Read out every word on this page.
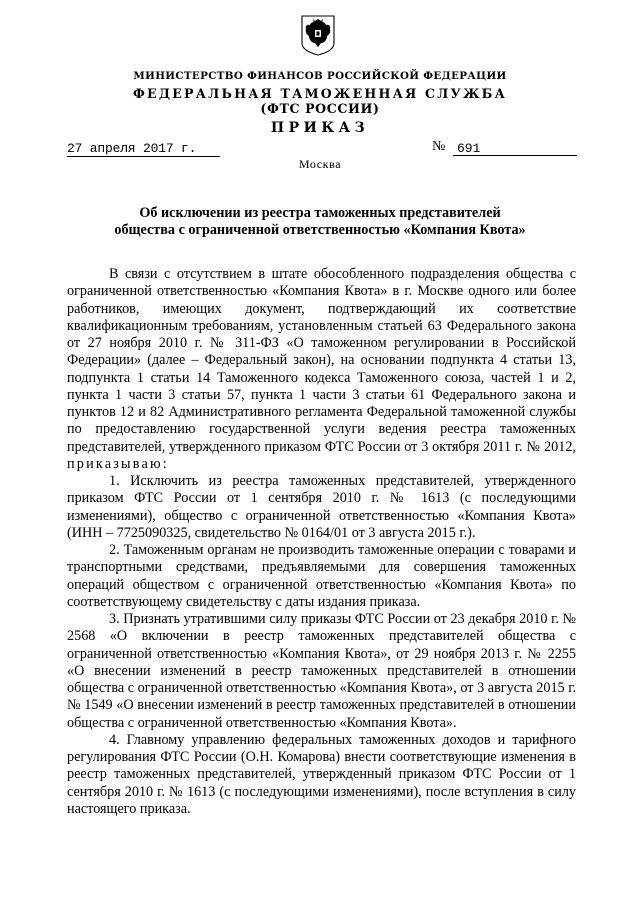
МИНИСТЕРСТВО ФИНАНСОВ РОССИЙСКОЙ ФЕДЕРАЦИИ
ФЕДЕРАЛЬНАЯ ТАМОЖЕННАЯ СЛУЖБА
(ФТС РОССИИ)
ПРИКАЗ
27 апреля 2017 г.	№ 691
Москва
Об исключении из реестра таможенных представителей
общества с ограниченной ответственностью «Компания Квота»

В связи с отсутствием в штате обособленного подразделения общества с ограниченной ответственностью «Компания Квота» в г. Москве одного или более работников, имеющих документ, подтверждающий их соответствие квалификационным требованиям, установленным статьей 63 Федерального закона от 27 ноября 2010 г. № 311-ФЗ «О таможенном регулировании в Российской Федерации» (далее – Федеральный закон), на основании подпункта 4 статьи 13, подпункта 1 статьи 14 Таможенного кодекса Таможенного союза, частей 1 и 2, пункта 1 части 3 статьи 57, пункта 1 части 3 статьи 61 Федерального закона и пунктов 12 и 82 Административного регламента Федеральной таможенной службы по предоставлению государственной услуги ведения реестра таможенных представителей, утвержденного приказом ФТС России от 3 октября 2011 г. № 2012, приказываю:

1. Исключить из реестра таможенных представителей, утвержденного приказом ФТС России от 1 сентября 2010 г. № 1613 (с последующими изменениями), общество с ограниченной ответственностью «Компания Квота» (ИНН – 7725090325, свидетельство № 0164/01 от 3 августа 2015 г.).

2. Таможенным органам не производить таможенные операции с товарами и транспортными средствами, предъявляемыми для совершения таможенных операций обществом с ограниченной ответственностью «Компания Квота» по соответствующему свидетельству с даты издания приказа.

3. Признать утратившими силу приказы ФТС России от 23 декабря 2010 г. № 2568 «О включении в реестр таможенных представителей общества с ограниченной ответственностью «Компания Квота», от 29 ноября 2013 г. № 2255 «О внесении изменений в реестр таможенных представителей в отношении общества с ограниченной ответственностью «Компания Квота», от 3 августа 2015 г. № 1549 «О внесении изменений в реестр таможенных представителей в отношении общества с ограниченной ответственностью «Компания Квота».

4. Главному управлению федеральных таможенных доходов и тарифного регулирования ФТС России (О.Н. Комарова) внести соответствующие изменения в реестр таможенных представителей, утвержденный приказом ФТС России от 1 сентября 2010 г. № 1613 (с последующими изменениями), после вступления в силу настоящего приказа.
